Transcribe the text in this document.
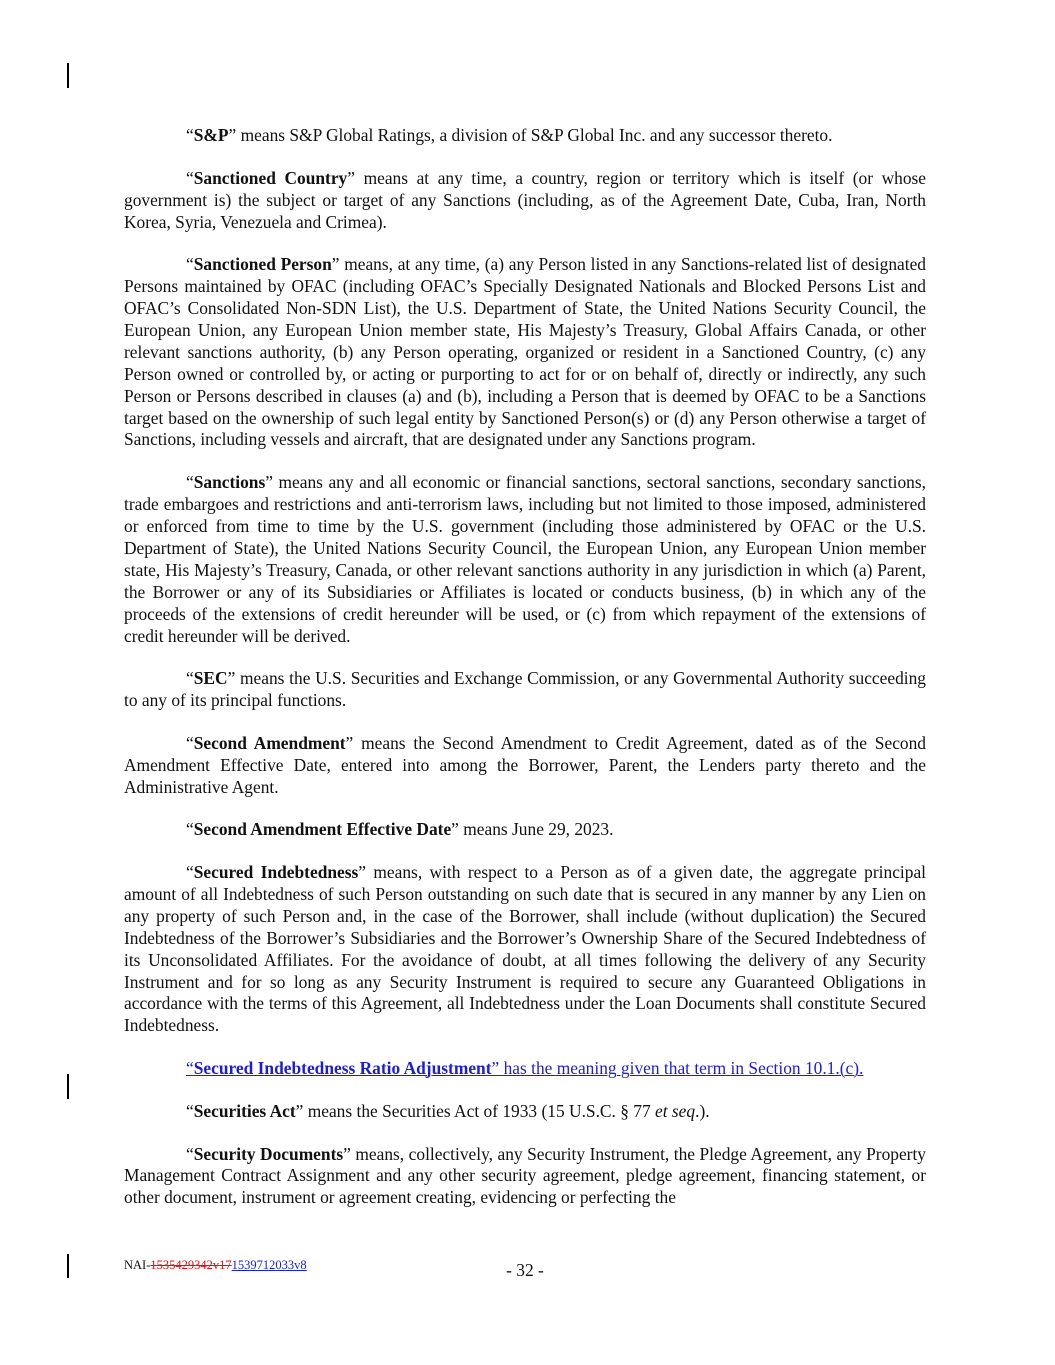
“S&P” means S&P Global Ratings, a division of S&P Global Inc. and any successor thereto.

“Sanctioned Country” means at any time, a country, region or territory which is itself (or whose government is) the subject or target of any Sanctions (including, as of the Agreement Date, Cuba, Iran, North Korea, Syria, Venezuela and Crimea).

“Sanctioned Person” means, at any time, (a) any Person listed in any Sanctions-related list of designated Persons maintained by OFAC (including OFAC’s Specially Designated Nationals and Blocked Persons List and OFAC’s Consolidated Non-SDN List), the U.S. Department of State, the United Nations Security Council, the European Union, any European Union member state, His Majesty’s Treasury, Global Affairs Canada, or other relevant sanctions authority, (b) any Person operating, organized or resident in a Sanctioned Country, (c) any Person owned or controlled by, or acting or purporting to act for or on behalf of, directly or indirectly, any such Person or Persons described in clauses (a) and (b), including a Person that is deemed by OFAC to be a Sanctions target based on the ownership of such legal entity by Sanctioned Person(s) or (d) any Person otherwise a target of Sanctions, including vessels and aircraft, that are designated under any Sanctions program.

“Sanctions” means any and all economic or financial sanctions, sectoral sanctions, secondary sanctions, trade embargoes and restrictions and anti-terrorism laws, including but not limited to those imposed, administered or enforced from time to time by the U.S. government (including those administered by OFAC or the U.S. Department of State), the United Nations Security Council, the European Union, any European Union member state, His Majesty’s Treasury, Canada, or other relevant sanctions authority in any jurisdiction in which (a) Parent, the Borrower or any of its Subsidiaries or Affiliates is located or conducts business, (b) in which any of the proceeds of the extensions of credit hereunder will be used, or (c) from which repayment of the extensions of credit hereunder will be derived.

“SEC” means the U.S. Securities and Exchange Commission, or any Governmental Authority succeeding to any of its principal functions.

“Second Amendment” means the Second Amendment to Credit Agreement, dated as of the Second Amendment Effective Date, entered into among the Borrower, Parent, the Lenders party thereto and the Administrative Agent.

“Second Amendment Effective Date” means June 29, 2023.

“Secured Indebtedness” means, with respect to a Person as of a given date, the aggregate principal amount of all Indebtedness of such Person outstanding on such date that is secured in any manner by any Lien on any property of such Person and, in the case of the Borrower, shall include (without duplication) the Secured Indebtedness of the Borrower’s Subsidiaries and the Borrower’s Ownership Share of the Secured Indebtedness of its Unconsolidated Affiliates. For the avoidance of doubt, at all times following the delivery of any Security Instrument and for so long as any Security Instrument is required to secure any Guaranteed Obligations in accordance with the terms of this Agreement, all Indebtedness under the Loan Documents shall constitute Secured Indebtedness.

“Secured Indebtedness Ratio Adjustment” has the meaning given that term in Section 10.1.(c).

“Securities Act” means the Securities Act of 1933 (15 U.S.C. § 77 et seq.).

“Security Documents” means, collectively, any Security Instrument, the Pledge Agreement, any Property Management Contract Assignment and any other security agreement, pledge agreement, financing statement, or other document, instrument or agreement creating, evidencing or perfecting the

NAI-1535429342v171539712033v8	- 32 -
